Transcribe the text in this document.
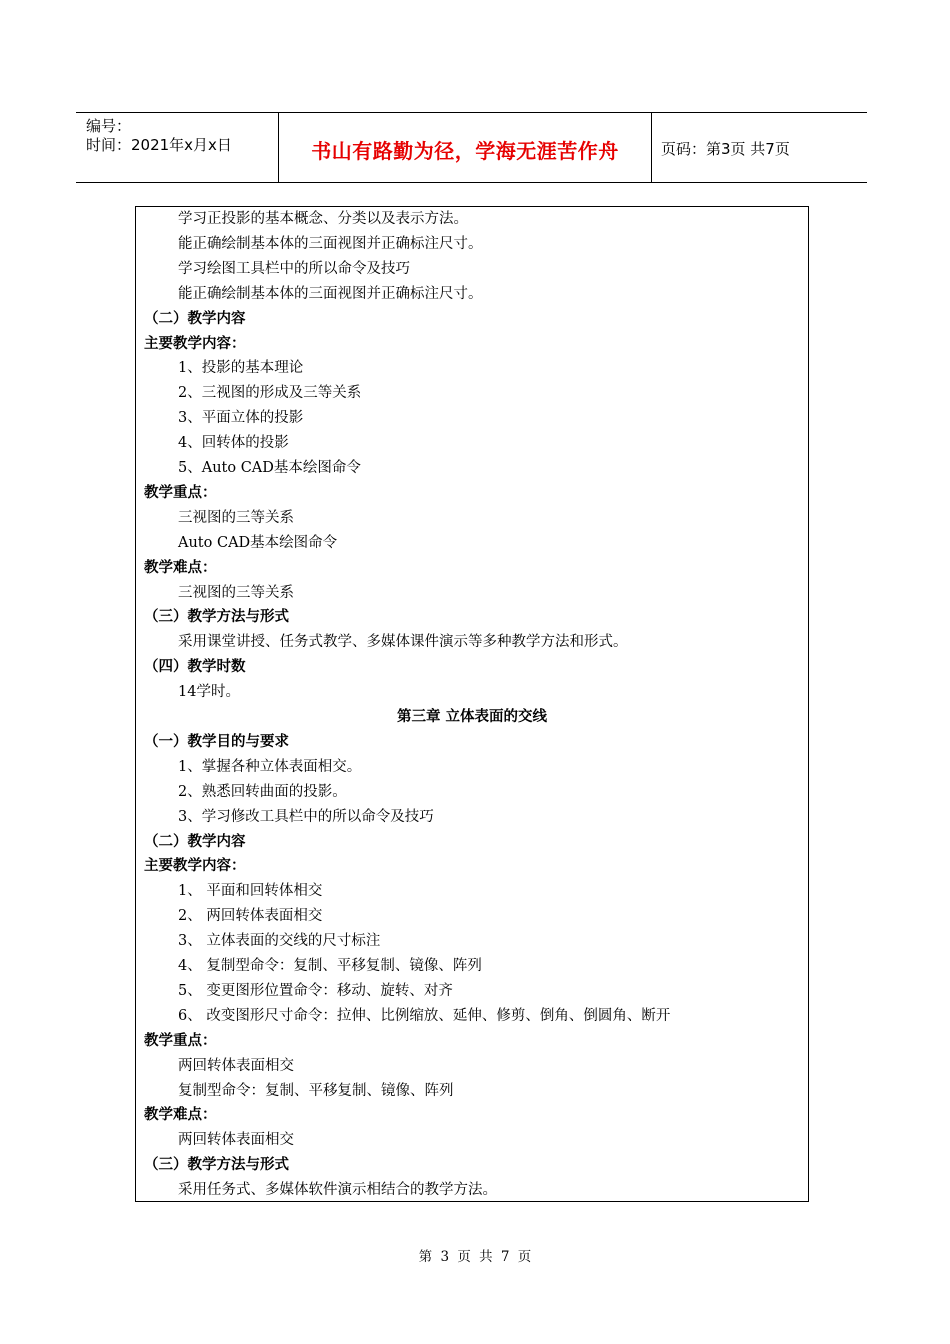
编号：
时间：2021年x月x日	书山有路勤为径，学海无涯苦作舟	页码：第3页 共7页
学习正投影的基本概念、分类以及表示方法。
能正确绘制基本体的三面视图并正确标注尺寸。
学习绘图工具栏中的所以命令及技巧
能正确绘制基本体的三面视图并正确标注尺寸。
（二）教学内容
主要教学内容：
1、投影的基本理论
2、三视图的形成及三等关系
3、平面立体的投影
4、回转体的投影
5、Auto CAD基本绘图命令
教学重点：
三视图的三等关系
Auto CAD基本绘图命令
教学难点：
三视图的三等关系
（三）教学方法与形式
采用课堂讲授、任务式教学、多媒体课件演示等多种教学方法和形式。
（四）教学时数
14学时。
第三章 立体表面的交线
（一）教学目的与要求
1、掌握各种立体表面相交。
2、熟悉回转曲面的投影。
3、学习修改工具栏中的所以命令及技巧
（二）教学内容
主要教学内容：
1、 平面和回转体相交
2、 两回转体表面相交
3、 立体表面的交线的尺寸标注
4、 复制型命令：复制、平移复制、镜像、阵列
5、 变更图形位置命令：移动、旋转、对齐
6、 改变图形尺寸命令：拉伸、比例缩放、延伸、修剪、倒角、倒圆角、断开
教学重点：
两回转体表面相交
复制型命令：复制、平移复制、镜像、阵列
教学难点：
两回转体表面相交
（三）教学方法与形式
采用任务式、多媒体软件演示相结合的教学方法。
第 3 页 共 7 页
